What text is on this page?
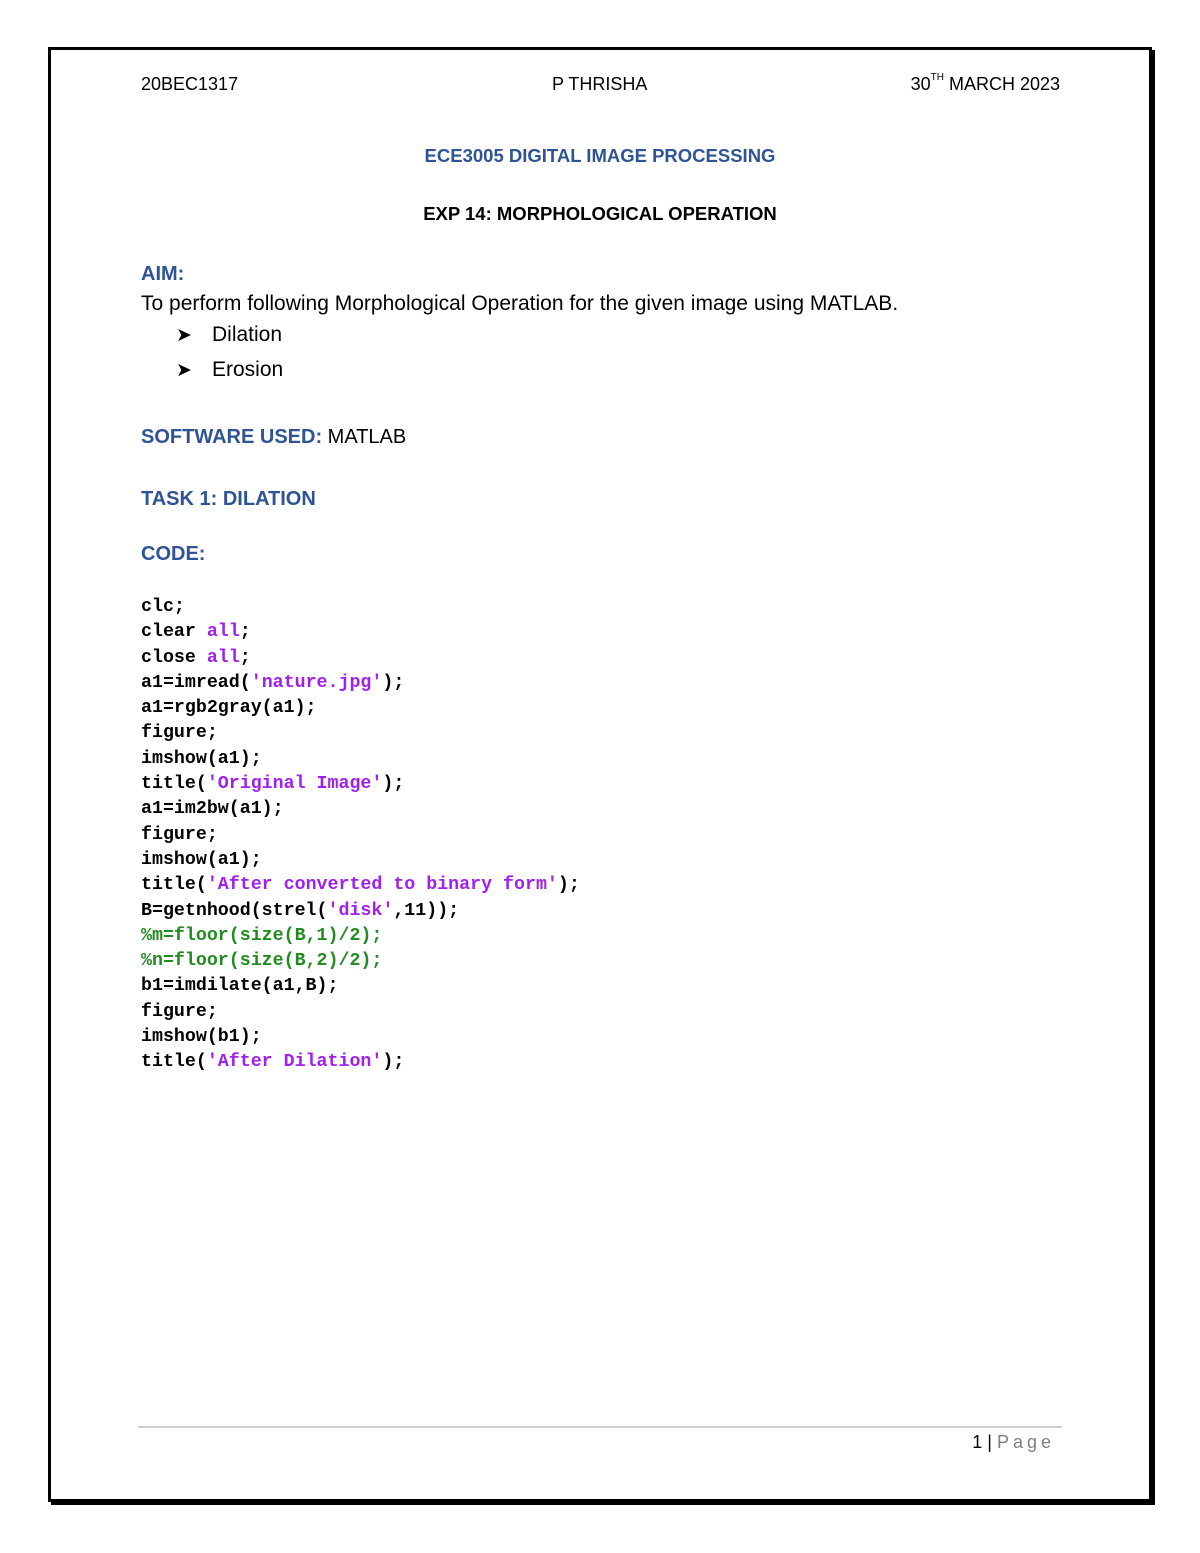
20BEC1317	P THRISHA	30TH MARCH 2023
ECE3005 DIGITAL IMAGE PROCESSING
EXP 14: MORPHOLOGICAL OPERATION
AIM:
To perform following Morphological Operation for the given image using MATLAB.
➤ Dilation
➤ Erosion
SOFTWARE USED: MATLAB
TASK 1: DILATION
CODE:
clc;
clear all;
close all;
a1=imread('nature.jpg');
a1=rgb2gray(a1);
figure;
imshow(a1);
title('Original Image');
a1=im2bw(a1);
figure;
imshow(a1);
title('After converted to binary form');
B=getnhood(strel('disk',11));
%m=floor(size(B,1)/2);
%n=floor(size(B,2)/2);
b1=imdilate(a1,B);
figure;
imshow(b1);
title('After Dilation');
1 | Page
